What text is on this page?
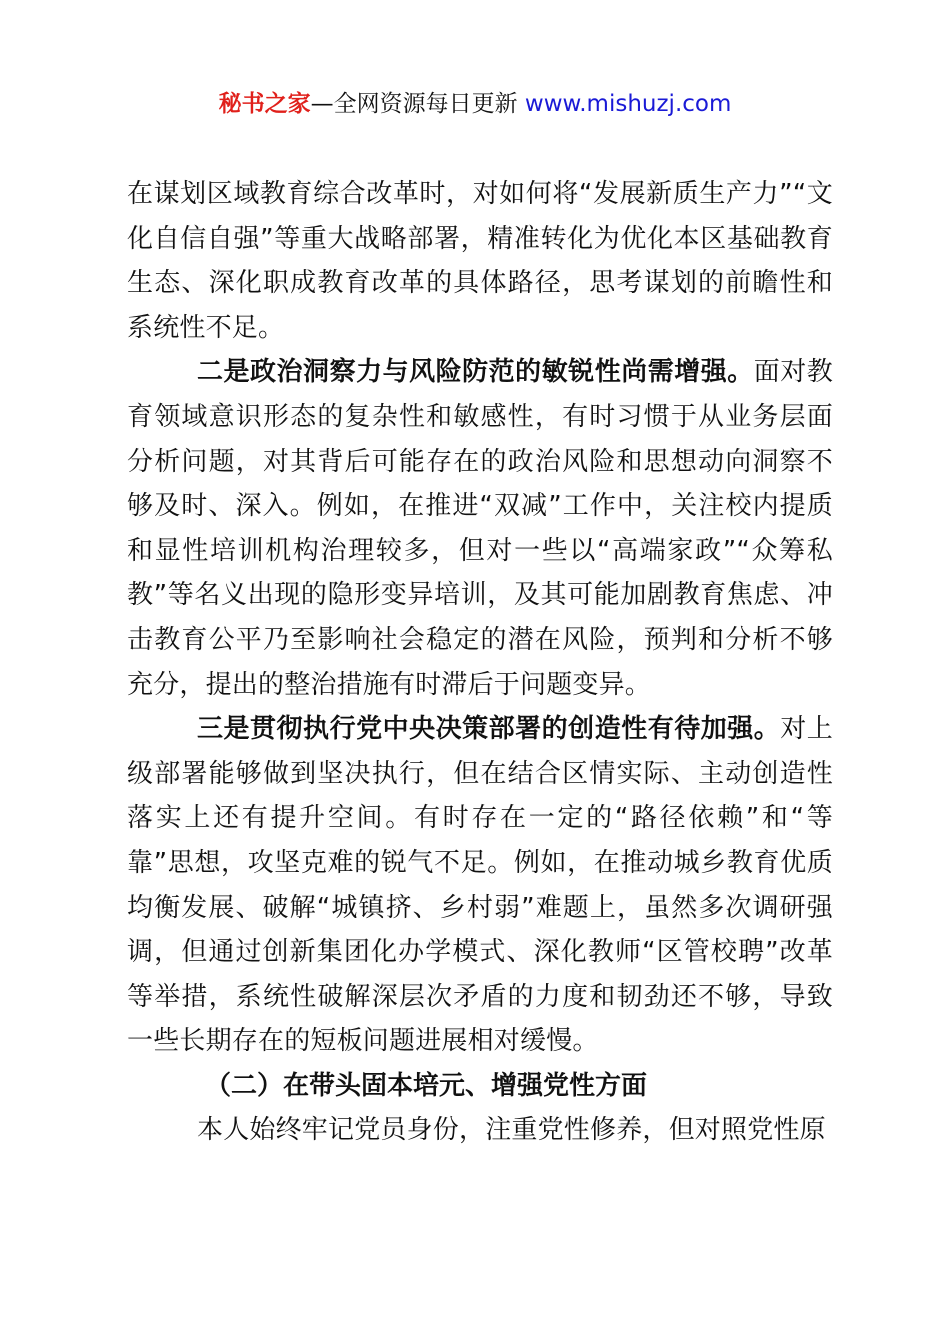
秘书之家—全网资源每日更新 www.mishuzj.com

在谋划区域教育综合改革时，对如何将“发展新质生产力”“文化自信自强”等重大战略部署，精准转化为优化本区基础教育生态、深化职成教育改革的具体路径，思考谋划的前瞻性和系统性不足。

二是政治洞察力与风险防范的敏锐性尚需增强。面对教育领域意识形态的复杂性和敏感性，有时习惯于从业务层面分析问题，对其背后可能存在的政治风险和思想动向洞察不够及时、深入。例如，在推进“双减”工作中，关注校内提质和显性培训机构治理较多，但对一些以“高端家政”“众筹私教”等名义出现的隐形变异培训，及其可能加剧教育焦虑、冲击教育公平乃至影响社会稳定的潜在风险，预判和分析不够充分，提出的整治措施有时滞后于问题变异。

三是贯彻执行党中央决策部署的创造性有待加强。对上级部署能够做到坚决执行，但在结合区情实际、主动创造性落实上还有提升空间。有时存在一定的“路径依赖”和“等靠”思想，攻坚克难的锐气不足。例如，在推动城乡教育优质均衡发展、破解“城镇挤、乡村弱”难题上，虽然多次调研强调，但通过创新集团化办学模式、深化教师“区管校聘”改革等举措，系统性破解深层次矛盾的力度和韧劲还不够，导致一些长期存在的短板问题进展相对缓慢。

（二）在带头固本培元、增强党性方面

本人始终牢记党员身份，注重党性修养，但对照党性原
